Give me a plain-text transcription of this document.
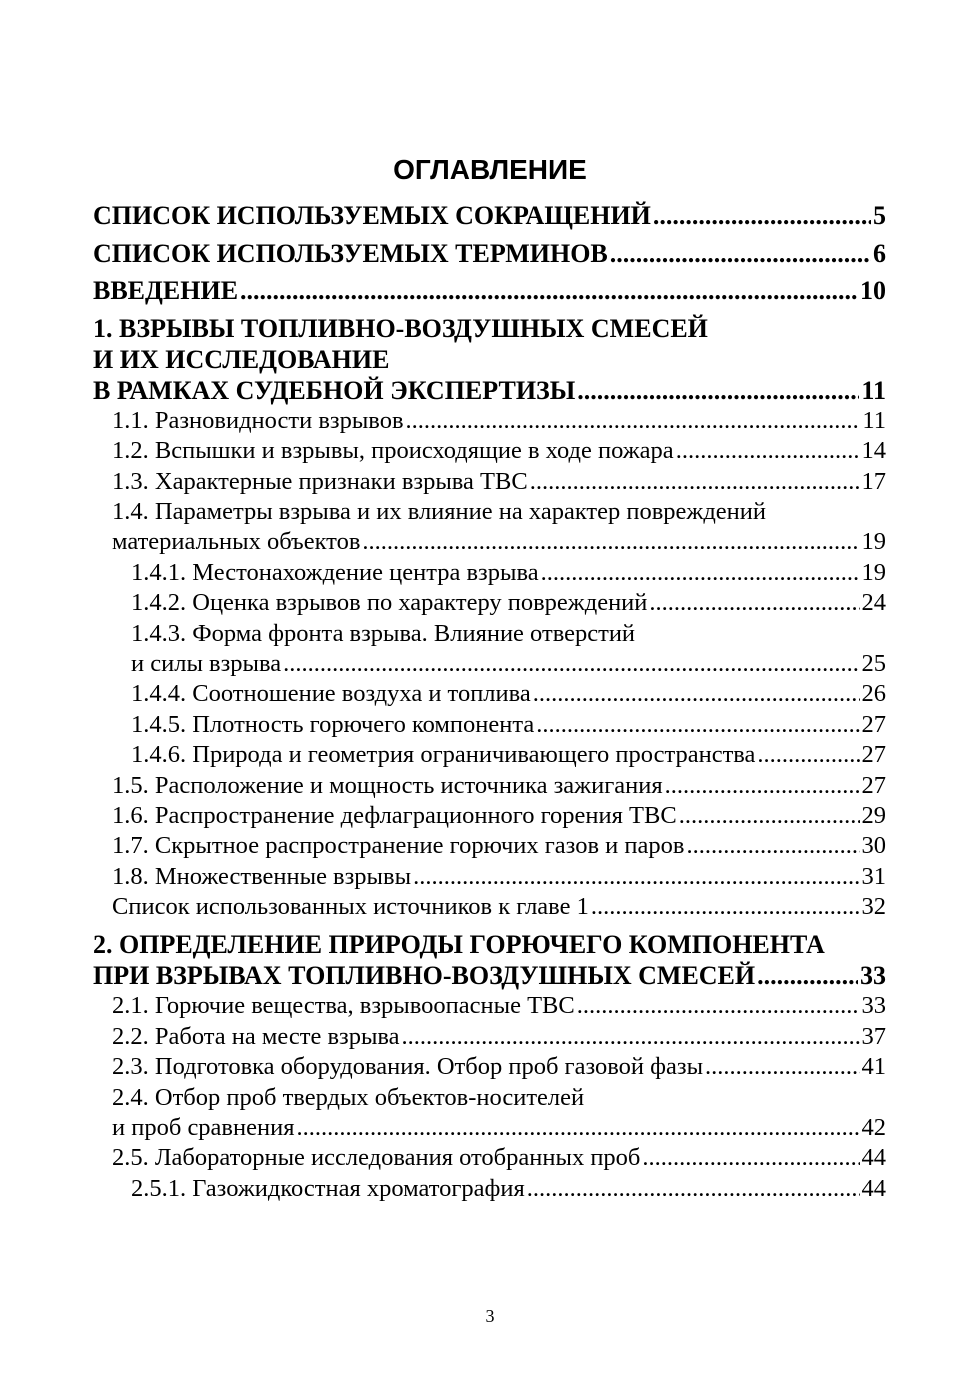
ОГЛАВЛЕНИЕ
СПИСОК ИСПОЛЬЗУЕМЫХ СОКРАЩЕНИЙ .....	5
СПИСОК ИСПОЛЬЗУЕМЫХ ТЕРМИНОВ .....	6
ВВЕДЕНИЕ .....	10
1. ВЗРЫВЫ ТОПЛИВНО-ВОЗДУШНЫХ СМЕСЕЙ
И ИХ ИССЛЕДОВАНИЕ
В РАМКАХ СУДЕБНОЙ ЭКСПЕРТИЗЫ .....	11
1.1. Разновидности взрывов .....	11
1.2. Вспышки и взрывы, происходящие в ходе пожара .....	14
1.3. Характерные признаки взрыва ТВС .....	17
1.4. Параметры взрыва и их влияние на характер повреждений
материальных объектов .....	19
1.4.1. Местонахождение центра взрыва .....	19
1.4.2. Оценка взрывов по характеру повреждений .....	24
1.4.3. Форма фронта взрыва. Влияние отверстий
и силы взрыва .....	25
1.4.4. Соотношение воздуха и топлива .....	26
1.4.5. Плотность горючего компонента .....	27
1.4.6. Природа и геометрия ограничивающего пространства .....	27
1.5. Расположение и мощность источника зажигания .....	27
1.6. Распространение дефлаграционного горения ТВС .....	29
1.7. Скрытное распространение горючих газов и паров .....	30
1.8. Множественные взрывы .....	31
Список использованных источников к главе 1 .....	32
2. ОПРЕДЕЛЕНИЕ ПРИРОДЫ ГОРЮЧЕГО КОМПОНЕНТА
ПРИ ВЗРЫВАХ ТОПЛИВНО-ВОЗДУШНЫХ СМЕСЕЙ .....	33
2.1. Горючие вещества, взрывоопасные ТВС .....	33
2.2. Работа на месте взрыва .....	37
2.3. Подготовка оборудования. Отбор проб газовой фазы .....	41
2.4. Отбор проб твердых объектов-носителей
и проб сравнения .....	42
2.5. Лабораторные исследования отобранных проб .....	44
2.5.1. Газожидкостная хроматография .....	44
3
